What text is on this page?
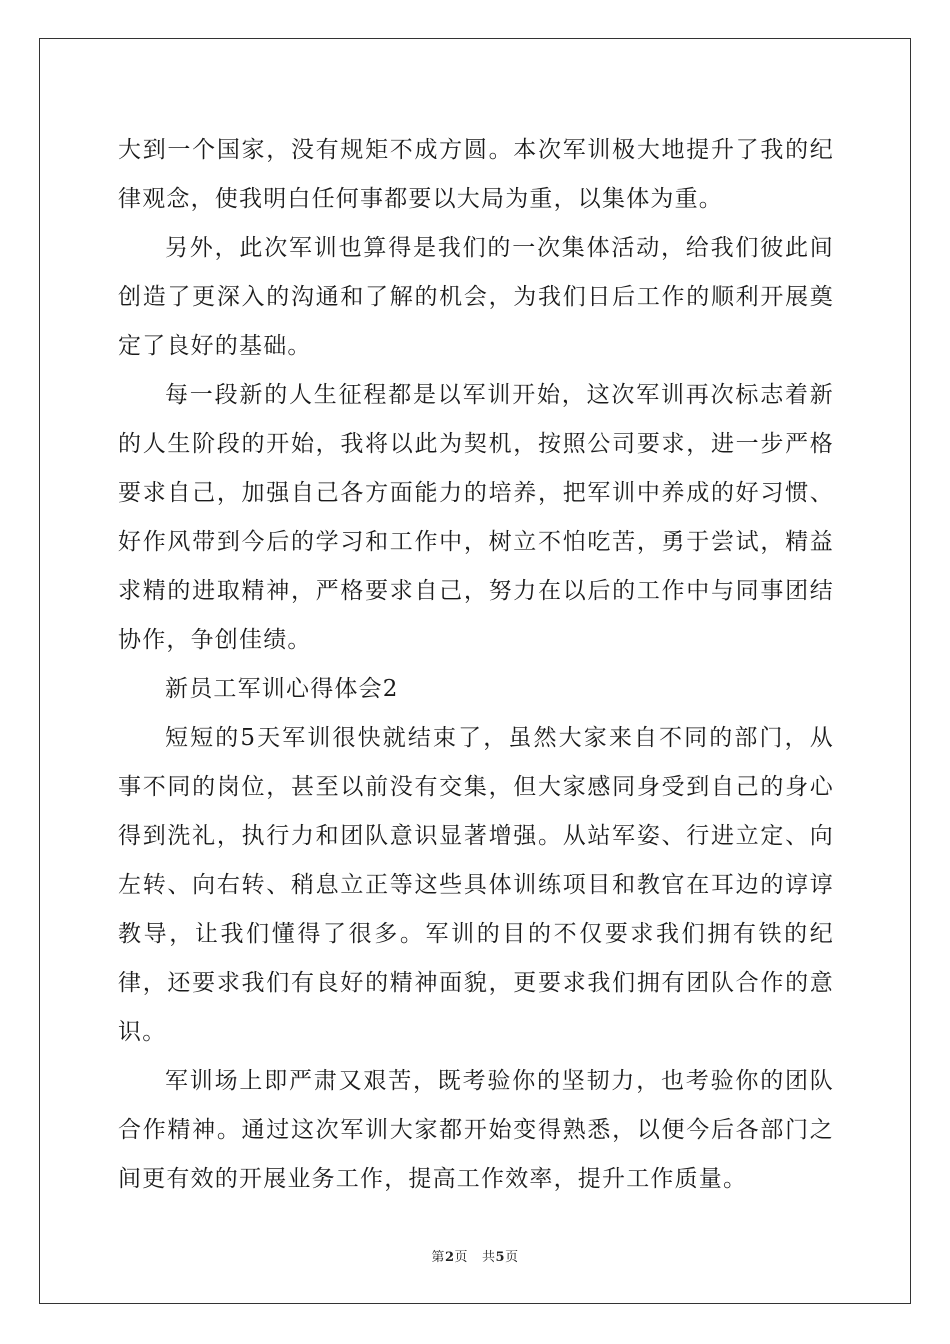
大到一个国家，没有规矩不成方圆。本次军训极大地提升了我的纪律观念，使我明白任何事都要以大局为重，以集体为重。

另外，此次军训也算得是我们的一次集体活动，给我们彼此间创造了更深入的沟通和了解的机会，为我们日后工作的顺利开展奠定了良好的基础。

每一段新的人生征程都是以军训开始，这次军训再次标志着新的人生阶段的开始，我将以此为契机，按照公司要求，进一步严格要求自己，加强自己各方面能力的培养，把军训中养成的好习惯、好作风带到今后的学习和工作中，树立不怕吃苦，勇于尝试，精益求精的进取精神，严格要求自己，努力在以后的工作中与同事团结协作，争创佳绩。

新员工军训心得体会2

短短的5天军训很快就结束了，虽然大家来自不同的部门，从事不同的岗位，甚至以前没有交集，但大家感同身受到自己的身心得到洗礼，执行力和团队意识显著增强。从站军姿、行进立定、向左转、向右转、稍息立正等这些具体训练项目和教官在耳边的谆谆教导，让我们懂得了很多。军训的目的不仅要求我们拥有铁的纪律，还要求我们有良好的精神面貌，更要求我们拥有团队合作的意识。

军训场上即严肃又艰苦，既考验你的坚韧力，也考验你的团队合作精神。通过这次军训大家都开始变得熟悉，以便今后各部门之间更有效的开展业务工作，提高工作效率，提升工作质量。

第2页 共5页
